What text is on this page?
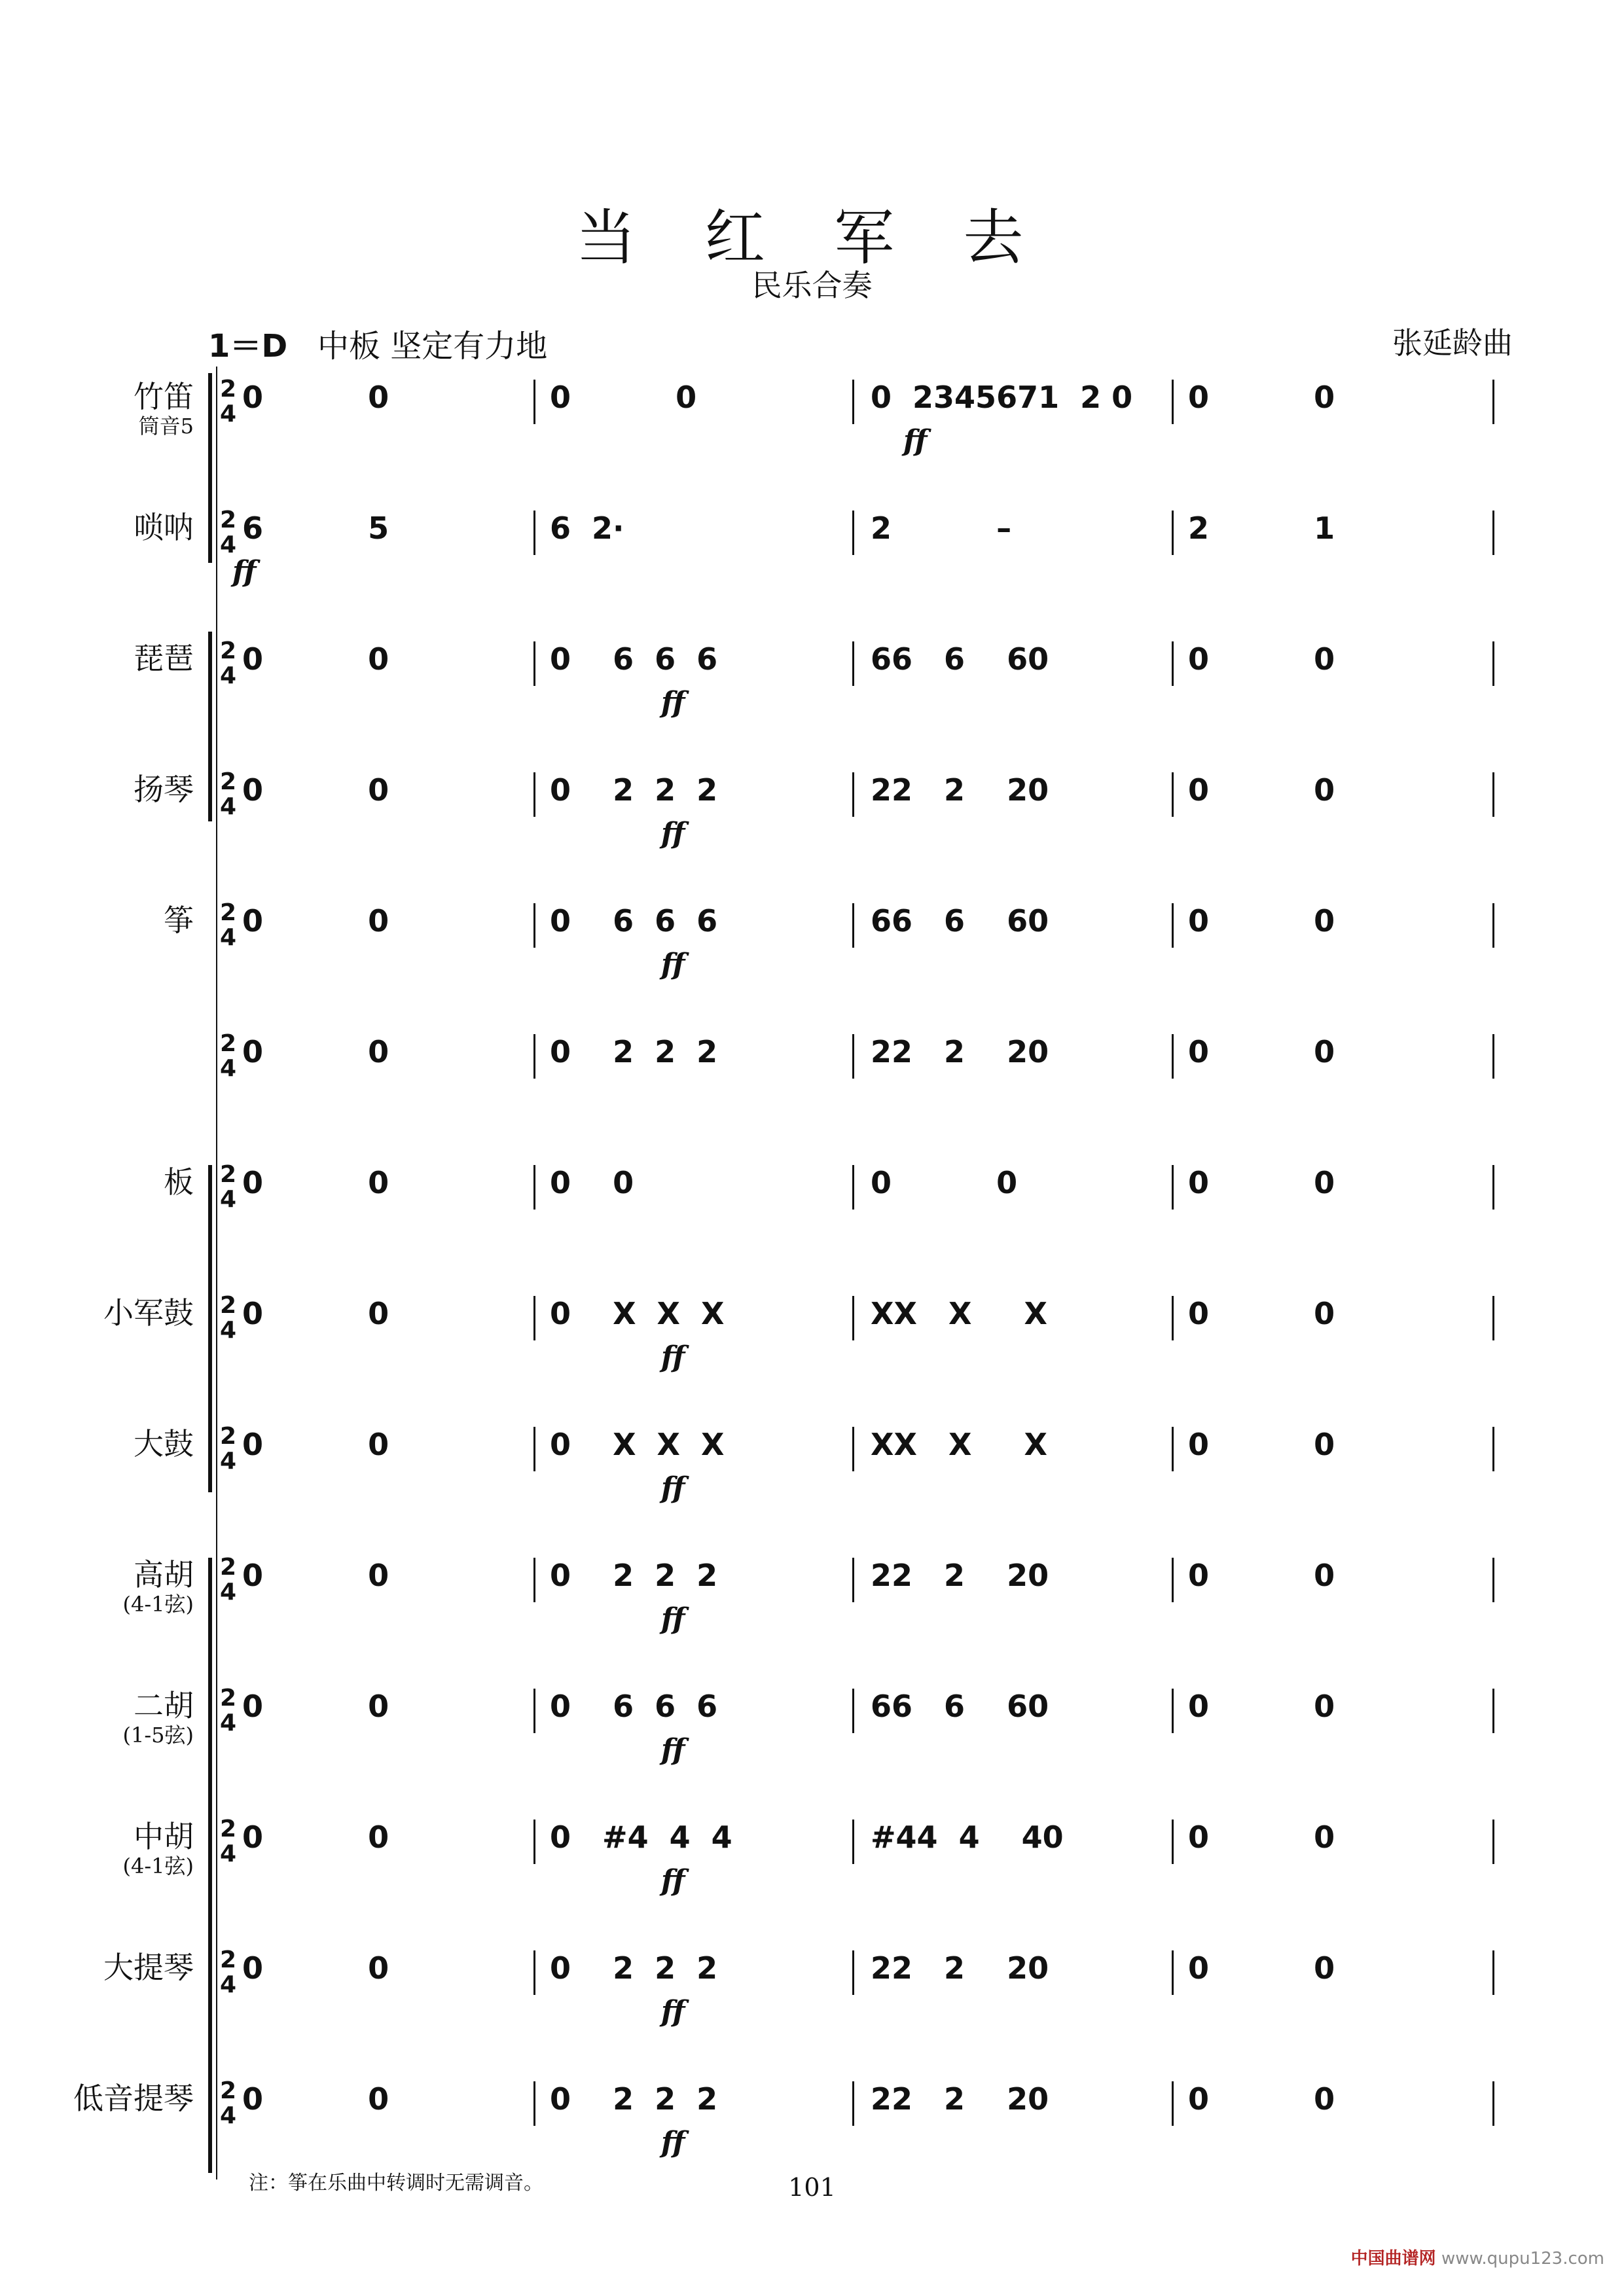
当 红 军 去
民乐合奏
1＝D 中板 坚定有力地	张延龄曲
竹笛
筒音5
2
4 0          0	0          0	0  2345671  2 0 0          0
ff
唢呐 2
4 6          5	6  2·	2          –	2          1
ff
琵琶 2
4 0          0	0    6  6  6	66   6    60	0          0
ff
扬琴 2
4 0          0	0    2  2  2	22   2    20	0          0
ff
筝 2
4 0          0	0    6  6  6	66   6    60	0          0
ff
2
4 0          0	0    2  2  2	22   2    20	0          0
板 2
4 0          0	0    0	0          0	0          0
小军鼓 2
4 0          0	0    X  X  X	XX   X     X	0          0
ff
大鼓 2
4 0          0	0    X  X  X	XX   X     X	0          0
ff
高胡
(4-1弦)
2
4 0          0	0    2  2  2	22   2    20	0          0
ff
二胡
(1-5弦)
2
4 0          0	0    6  6  6	66   6    60	0          0
ff
中胡
(4-1弦)
2
4 0          0	0   #4  4  4	#44  4    40	0          0
ff
大提琴 2
4 0          0	0    2  2  2	22   2    20	0          0
ff
低音提琴 2
4 0          0	0    2  2  2	22   2    20	0          0
ff
注：筝在乐曲中转调时无需调音。	101
中国曲谱网 www.qupu123.com
